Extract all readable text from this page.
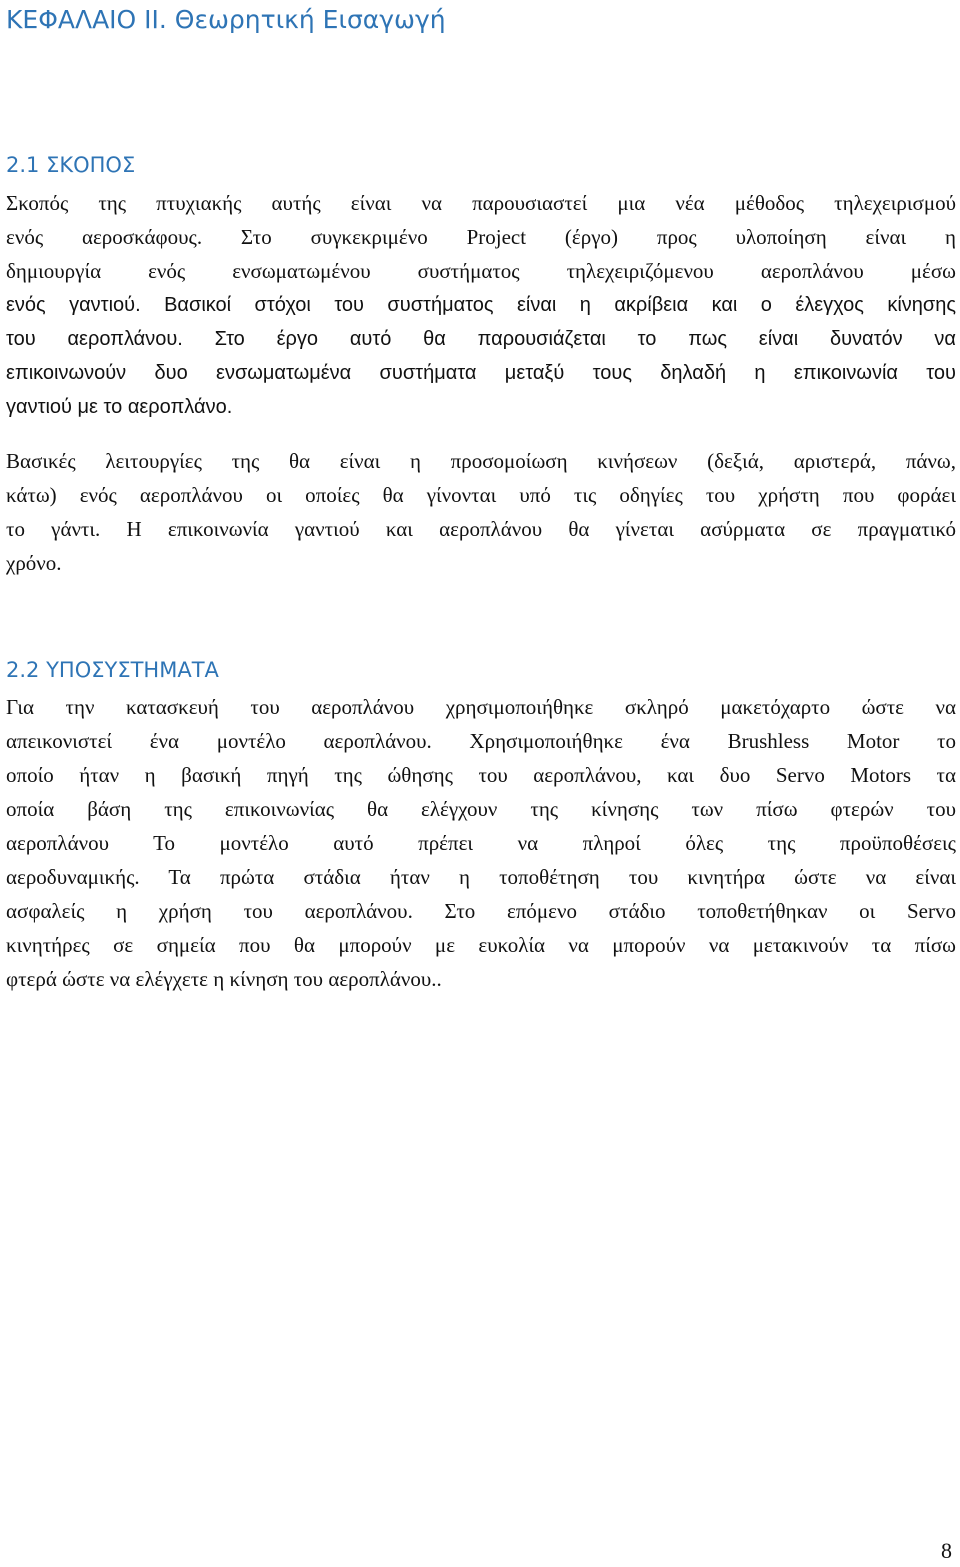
ΚΕΦΑΛΑΙΟ ΙΙ. Θεωρητική Εισαγωγή
2.1 ΣΚΟΠΟΣ

Σκοπός της πτυχιακής αυτής είναι να παρουσιαστεί μια νέα μέθοδος τηλεχειρισμού
ενός αεροσκάφους. Στο συγκεκριμένο Project (έργο) προς υλοποίηση είναι η
δημιουργία ενός ενσωματωμένου συστήματος τηλεχειριζόμενου αεροπλάνου μέσω
ενός γαντιού. Βασικοί στόχοι του συστήματος είναι η ακρίβεια και ο έλεγχος κίνησης
του αεροπλάνου. Στο έργο αυτό θα παρουσιάζεται το πως είναι δυνατόν να
επικοινωνούν δυο ενσωματωμένα συστήματα μεταξύ τους δηλαδή η επικοινωνία του
γαντιού με το αεροπλάνο.

Βασικές λειτουργίες της θα είναι η προσομοίωση κινήσεων (δεξιά, αριστερά, πάνω,
κάτω) ενός αεροπλάνου οι οποίες θα γίνονται υπό τις οδηγίες του χρήστη που φοράει
το γάντι. Η επικοινωνία γαντιού και αεροπλάνου θα γίνεται ασύρματα σε πραγματικό
χρόνο.

2.2 ΥΠΟΣΥΣΤΗΜΑΤΑ

Για την κατασκευή του αεροπλάνου χρησιμοποιήθηκε σκληρό μακετόχαρτο ώστε να
απεικονιστεί ένα μοντέλο αεροπλάνου. Χρησιμοποιήθηκε ένα Brushless Motor το
οποίο ήταν η βασική πηγή της ώθησης του αεροπλάνου, και δυο Servo Motors τα
οποία βάση της επικοινωνίας θα ελέγχουν της κίνησης των πίσω φτερών του
αεροπλάνου Το μοντέλο αυτό πρέπει να πληροί όλες της προϋποθέσεις
αεροδυναμικής. Τα πρώτα στάδια ήταν η τοποθέτηση του κινητήρα ώστε να είναι
ασφαλείς η χρήση του αεροπλάνου. Στο επόμενο στάδιο τοποθετήθηκαν οι Servo
κινητήρες σε σημεία που θα μπορούν με ευκολία να μπορούν να μετακινούν τα πίσω
φτερά ώστε να ελέγχετε η κίνηση του αεροπλάνου..

8
